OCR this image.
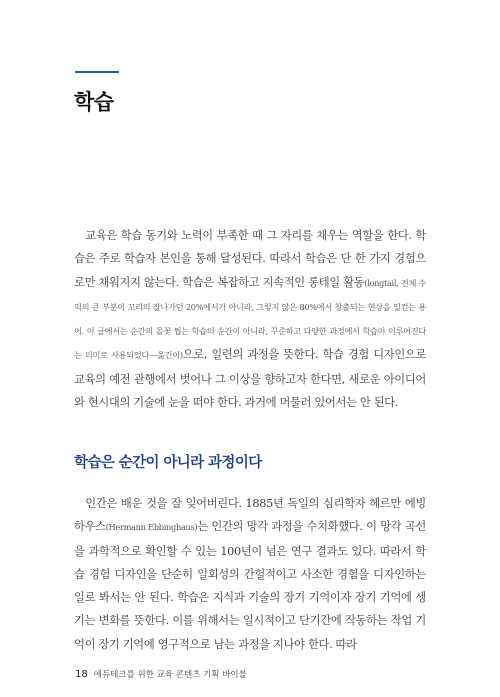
학습

교육은 학습 동기와 노력이 부족한 때 그 자리를 채우는 역할을 한다. 학습은 주로 학습자 본인을 통해 달성된다. 따라서 학습은 단 한 가지 경험으로만 채워지지 않는다. 학습은 복잡하고 지속적인 롱테일 활동(longtail, 전체 수익의 큰 부분이 꼬리의 잘나가던 20%에서가 아니라, 그렇지 않은 80%에서 창출되는 현상을 일컫는 용어. 이 글에서는 순간의 몰꽃 뭡는 학습의 순간이 아니라, 꾸준하고 다양한 과정에서 학습이 이루어진다는 의미로 사용되었다—옮긴이)으로, 일련의 과정을 뜻한다. 학습 경험 디자인으로 교육의 예전 관행에서 벗어나 그 이상을 향하고자 한다면, 새로운 아이디어와 현시대의 기술에 눈을 떠야 한다. 과거에 머물러 있어서는 안 된다.

학습은 순간이 아니라 과정이다

인간은 배운 것을 잘 잊어버린다. 1885년 독일의 심리학자 헤르만 에빙하우스(Hermann Ebbinghaus)는 인간의 망각 과정을 수치화했다. 이 망각 곡선을 과학적으로 확인할 수 있는 100년이 넘은 연구 결과도 있다. 따라서 학습 경험 디자인을 단순히 일회성의 간헐적이고 사소한 경험을 디자인하는 일로 봐서는 안 된다. 학습은 지식과 기술의 장기 기억이자 장기 기억에 생기는 변화를 뜻한다. 이를 위해서는 일시적이고 단기간에 작동하는 작업 기억이 장기 기억에 영구적으로 남는 과정을 지나야 한다. 따라

18 에듀테크를 위한 교육 콘텐츠 기획 바이블
